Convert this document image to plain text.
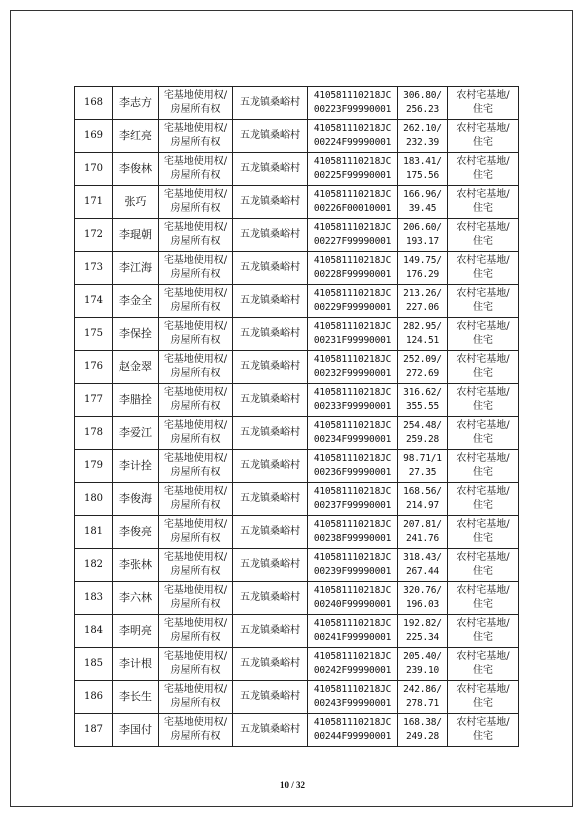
168	李志方	宅基地使用权/
房屋所有权	五龙镇桑峪村	410581110218JC
00223F99990001	306.80/
256.23	农村宅基地/
住宅
169	李红亮	宅基地使用权/
房屋所有权	五龙镇桑峪村	410581110218JC
00224F99990001	262.10/
232.39	农村宅基地/
住宅
170	李俊林	宅基地使用权/
房屋所有权	五龙镇桑峪村	410581110218JC
00225F99990001	183.41/
175.56	农村宅基地/
住宅
171	张巧	宅基地使用权/
房屋所有权	五龙镇桑峪村	410581110218JC
00226F00010001	166.96/
39.45	农村宅基地/
住宅
172	李琨朝	宅基地使用权/
房屋所有权	五龙镇桑峪村	410581110218JC
00227F99990001	206.60/
193.17	农村宅基地/
住宅
173	李江海	宅基地使用权/
房屋所有权	五龙镇桑峪村	410581110218JC
00228F99990001	149.75/
176.29	农村宅基地/
住宅
174	李金全	宅基地使用权/
房屋所有权	五龙镇桑峪村	410581110218JC
00229F99990001	213.26/
227.06	农村宅基地/
住宅
175	李保拴	宅基地使用权/
房屋所有权	五龙镇桑峪村	410581110218JC
00231F99990001	282.95/
124.51	农村宅基地/
住宅
176	赵金翠	宅基地使用权/
房屋所有权	五龙镇桑峪村	410581110218JC
00232F99990001	252.09/
272.69	农村宅基地/
住宅
177	李腊拴	宅基地使用权/
房屋所有权	五龙镇桑峪村	410581110218JC
00233F99990001	316.62/
355.55	农村宅基地/
住宅
178	李爱江	宅基地使用权/
房屋所有权	五龙镇桑峪村	410581110218JC
00234F99990001	254.48/
259.28	农村宅基地/
住宅
179	李计拴	宅基地使用权/
房屋所有权	五龙镇桑峪村	410581110218JC
00236F99990001	98.71/1
27.35	农村宅基地/
住宅
180	李俊海	宅基地使用权/
房屋所有权	五龙镇桑峪村	410581110218JC
00237F99990001	168.56/
214.97	农村宅基地/
住宅
181	李俊亮	宅基地使用权/
房屋所有权	五龙镇桑峪村	410581110218JC
00238F99990001	207.81/
241.76	农村宅基地/
住宅
182	李张林	宅基地使用权/
房屋所有权	五龙镇桑峪村	410581110218JC
00239F99990001	318.43/
267.44	农村宅基地/
住宅
183	李六林	宅基地使用权/
房屋所有权	五龙镇桑峪村	410581110218JC
00240F99990001	320.76/
196.03	农村宅基地/
住宅
184	李明亮	宅基地使用权/
房屋所有权	五龙镇桑峪村	410581110218JC
00241F99990001	192.82/
225.34	农村宅基地/
住宅
185	李计根	宅基地使用权/
房屋所有权	五龙镇桑峪村	410581110218JC
00242F99990001	205.40/
239.10	农村宅基地/
住宅
186	李长生	宅基地使用权/
房屋所有权	五龙镇桑峪村	410581110218JC
00243F99990001	242.86/
278.71	农村宅基地/
住宅
187	李国付	宅基地使用权/
房屋所有权	五龙镇桑峪村	410581110218JC
00244F99990001	168.38/
249.28	农村宅基地/
住宅
10 / 32
